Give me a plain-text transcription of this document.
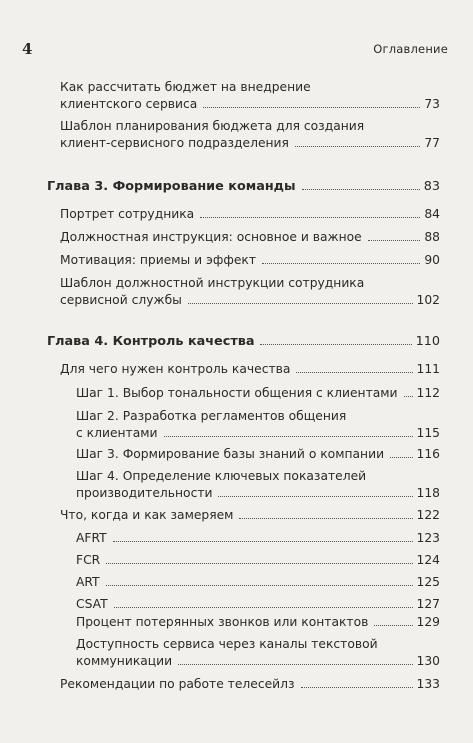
4	Оглавление
Как рассчитать бюджет на внедрение
клиентского сервиса	73
Шаблон планирования бюджета для создания
клиент-сервисного подразделения	77
Глава 3. Формирование команды	83
Портрет сотрудника	84
Должностная инструкция: основное и важное	88
Мотивация: приемы и эффект	90
Шаблон должностной инструкции сотрудника
сервисной службы	102
Глава 4. Контроль качества	110
Для чего нужен контроль качества	111
Шаг 1. Выбор тональности общения с клиентами 112
Шаг 2. Разработка регламентов общения
с клиентами	115
Шаг 3. Формирование базы знаний о компании	116
Шаг 4. Определение ключевых показателей
производительности	118
Что, когда и как замеряем	122
AFRT	123
FCR	124
ART	125
CSAT	127
Процент потерянных звонков или контактов	129
Доступность сервиса через каналы текстовой
коммуникации	130
Рекомендации по работе телесейлз	133
